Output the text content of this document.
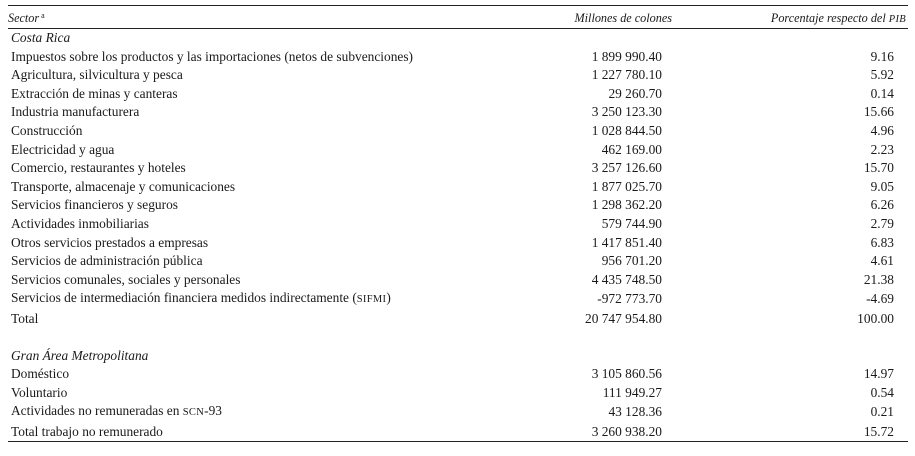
Sector $^a$	Millones de colones	Porcentaje respecto del PIB
Costa Rica		
Impuestos sobre los productos y las importaciones (netos de subvenciones)	1 899 990.40	9.16
Agricultura, silvicultura y pesca	1 227 780.10	5.92
Extracción de minas y canteras	29 260.70	0.14
Industria manufacturera	3 250 123.30	15.66
Construcción	1 028 844.50	4.96
Electricidad y agua	462 169.00	2.23
Comercio, restaurantes y hoteles	3 257 126.60	15.70
Transporte, almacenaje y comunicaciones	1 877 025.70	9.05
Servicios financieros y seguros	1 298 362.20	6.26
Actividades inmobiliarias	579 744.90	2.79
Otros servicios prestados a empresas	1 417 851.40	6.83
Servicios de administración pública	956 701.20	4.61
Servicios comunales, sociales y personales	4 435 748.50	21.38
Servicios de intermediación financiera medidos indirectamente (SIFMI)	-972 773.70	-4.69
Total	20 747 954.80	100.00

Gran Área Metropolitana		
Doméstico	3 105 860.56	14.97
Voluntario	111 949.27	0.54
Actividades no remuneradas en SCN-93	43 128.36	0.21
Total trabajo no remunerado	3 260 938.20	15.72
